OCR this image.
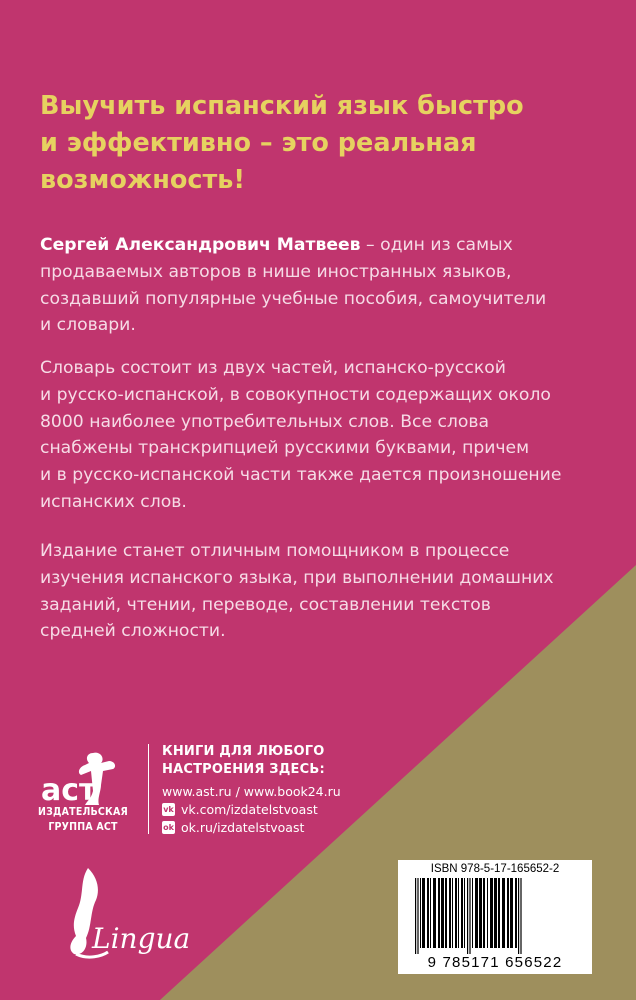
Выучить испанский язык быстро
и эффективно – это реальная
возможность!
Сергей Александрович Матвеев – один из самых
продаваемых авторов в нише иностранных языков,
создавший популярные учебные пособия, самоучители
и словари.
Словарь состоит из двух частей, испанско-русской
и русско-испанской, в совокупности содержащих около
8000 наиболее употребительных слов. Все слова
снабжены транскрипцией русскими буквами, причем
и в русско-испанской части также дается произношение
испанских слов.
Издание станет отличным помощником в процессе
изучения испанского языка, при выполнении домашних
заданий, чтении, переводе, составлении текстов
средней сложности.
аст
ИЗДАТЕЛЬСКАЯ
ГРУППА АСТ
КНИГИ ДЛЯ ЛЮБОГО
НАСТРОЕНИЯ ЗДЕСЬ:
www.ast.ru / www.book24.ru
vk vk.com/izdatelstvoast
ok ok.ru/izdatelstvoast
Lingua
ISBN 978-5-17-165652-2
9 785171 656522
